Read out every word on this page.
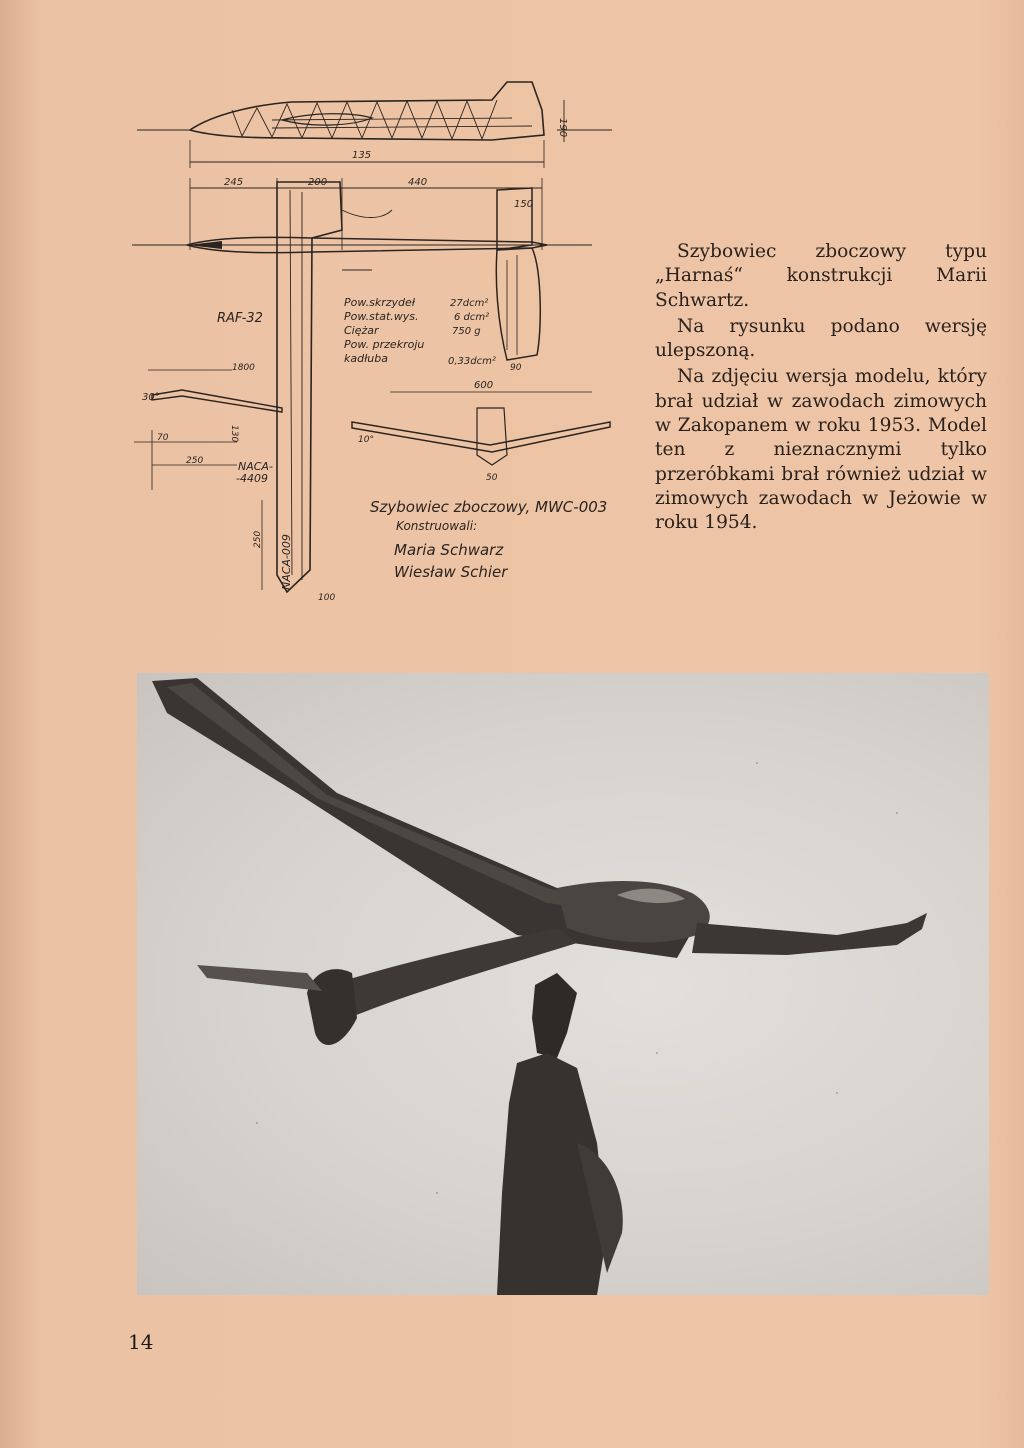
190
135
245	200	440
150
90
Pow.skrzydeł	27dcm²
Pow.stat.wys.	6 dcm²
Ciężar	750 g
Pow. przekroju
kadłuba	0,33dcm²
RAF-32
1800
NACA-
-4409
NACA-009
30°
70
250
130
600
10°
50
250
100
Szybowiec zboczowy, MWC-003
Konstruowali:
Maria Schwarz
Wiesław Schier

Szybowiec zboczowy typu „Harnaś“ konstrukcji Marii Schwartz.

Na rysunku podano wersję ulepszoną.

Na zdjęciu wersja modelu, który brał udział w zawodach zimowych w Zakopanem w roku 1953. Model ten z nieznacznymi tylko przeróbkami brał również udział w zimowych zawodach w Jeżowie w roku 1954.

14
